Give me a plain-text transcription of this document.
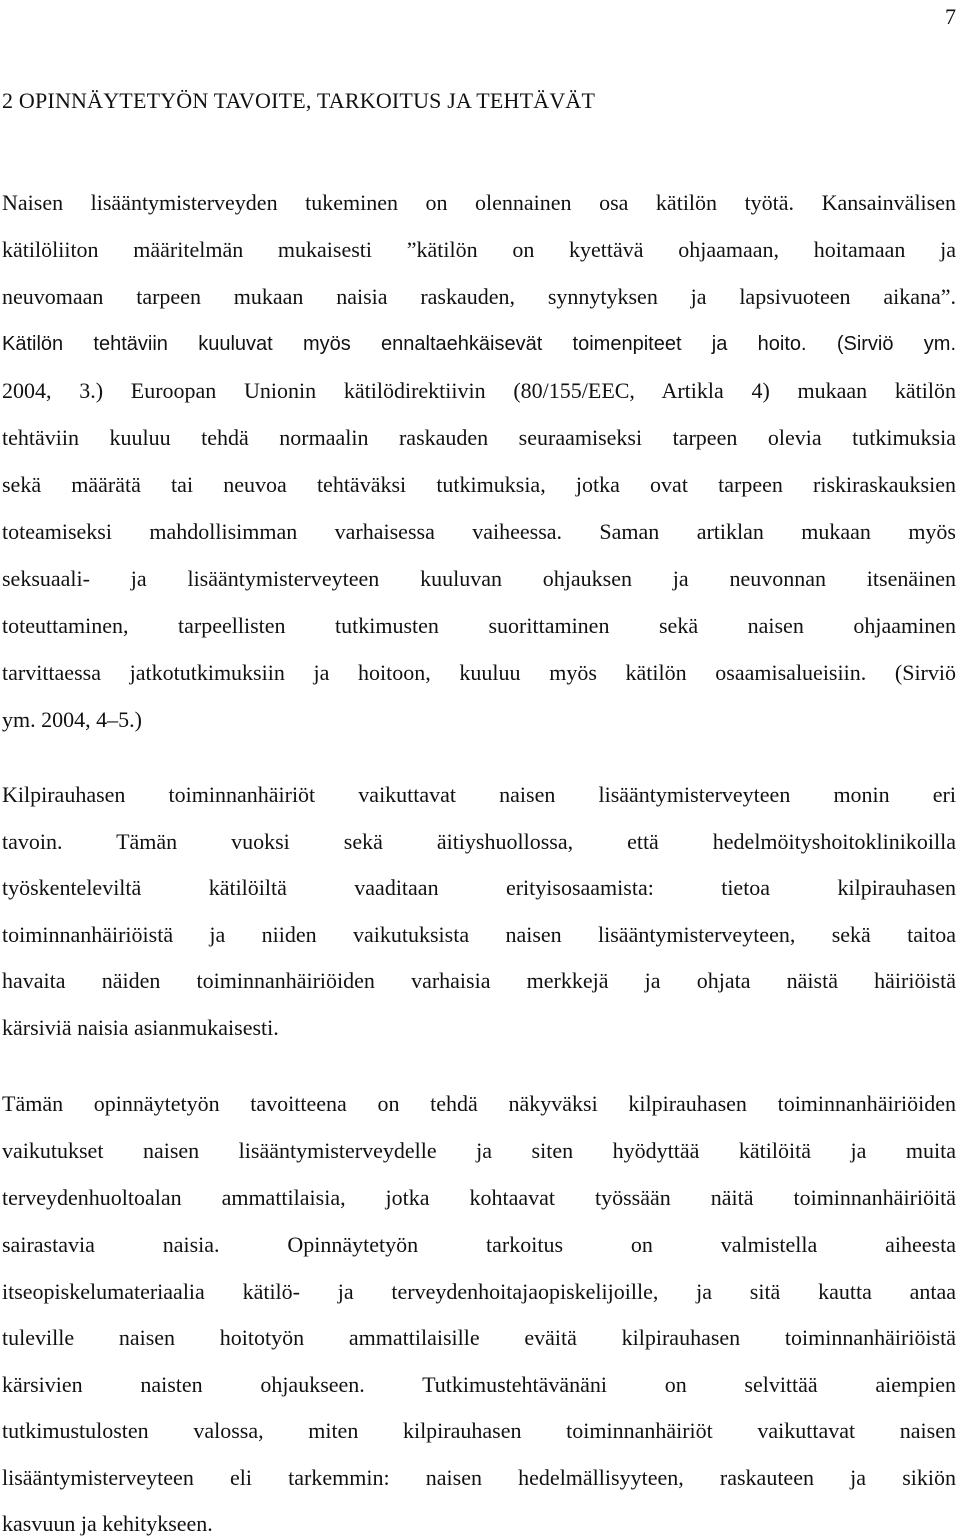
7
2 OPINNÄYTETYÖN TAVOITE, TARKOITUS JA TEHTÄVÄT
Naisen lisääntymisterveyden tukeminen on olennainen osa kätilön työtä. Kansainvälisen
kätilöliiton määritelmän mukaisesti ”kätilön on kyettävä ohjaamaan, hoitamaan ja
neuvomaan tarpeen mukaan naisia raskauden, synnytyksen ja lapsivuoteen aikana”.
Kätilön tehtäviin kuuluvat myös ennaltaehkäisevät toimenpiteet ja hoito. (Sirviö ym.
2004, 3.) Euroopan Unionin kätilödirektiivin (80/155/EEC, Artikla 4) mukaan kätilön
tehtäviin kuuluu tehdä normaalin raskauden seuraamiseksi tarpeen olevia tutkimuksia
sekä määrätä tai neuvoa tehtäväksi tutkimuksia, jotka ovat tarpeen riskiraskauksien
toteamiseksi mahdollisimman varhaisessa vaiheessa. Saman artiklan mukaan myös
seksuaali- ja lisääntymisterveyteen kuuluvan ohjauksen ja neuvonnan itsenäinen
toteuttaminen, tarpeellisten tutkimusten suorittaminen sekä naisen ohjaaminen
tarvittaessa jatkotutkimuksiin ja hoitoon, kuuluu myös kätilön osaamisalueisiin. (Sirviö
ym. 2004, 4–5.)
Kilpirauhasen toiminnanhäiriöt vaikuttavat naisen lisääntymisterveyteen monin eri
tavoin. Tämän vuoksi sekä äitiyshuollossa, että hedelmöityshoitoklinikoilla
työskenteleviltä kätilöiltä vaaditaan erityisosaamista: tietoa kilpirauhasen
toiminnanhäiriöistä ja niiden vaikutuksista naisen lisääntymisterveyteen, sekä taitoa
havaita näiden toiminnanhäiriöiden varhaisia merkkejä ja ohjata näistä häiriöistä
kärsiviä naisia asianmukaisesti.
Tämän opinnäytetyön tavoitteena on tehdä näkyväksi kilpirauhasen toiminnanhäiriöiden
vaikutukset naisen lisääntymisterveydelle ja siten hyödyttää kätilöitä ja muita
terveydenhuoltoalan ammattilaisia, jotka kohtaavat työssään näitä toiminnanhäiriöitä
sairastavia naisia. Opinnäytetyön tarkoitus on valmistella aiheesta
itseopiskelumateriaalia kätilö- ja terveydenhoitajaopiskelijoille, ja sitä kautta antaa
tuleville naisen hoitotyön ammattilaisille eväitä kilpirauhasen toiminnanhäiriöistä
kärsivien naisten ohjaukseen. Tutkimustehtävänäni on selvittää aiempien
tutkimustulosten valossa, miten kilpirauhasen toiminnanhäiriöt vaikuttavat naisen
lisääntymisterveyteen eli tarkemmin: naisen hedelmällisyyteen, raskauteen ja sikiön
kasvuun ja kehitykseen.
